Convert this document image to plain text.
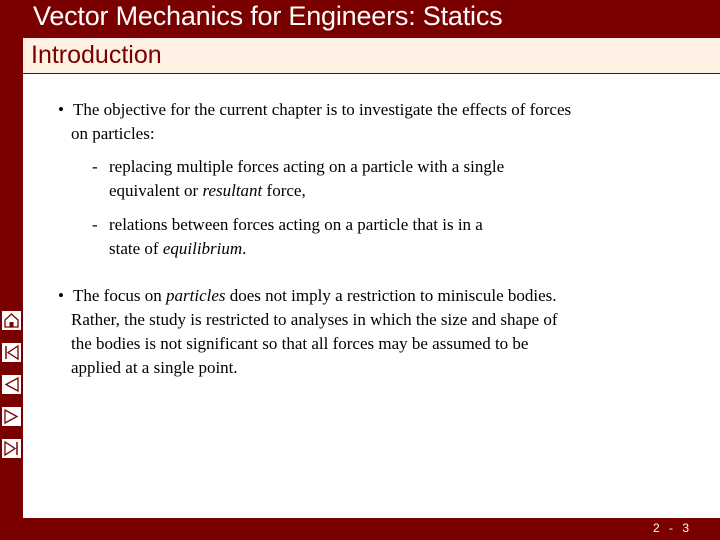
Vector Mechanics for Engineers: Statics
Introduction
• The objective for the current chapter is to investigate the effects of forces
on particles:
- replacing multiple forces acting on a particle with a single
equivalent or resultant force,
- relations between forces acting on a particle that is in a
state of equilibrium.
• The focus on particles does not imply a restriction to miniscule bodies.
Rather, the study is restricted to analyses in which the size and shape of
the bodies is not significant so that all forces may be assumed to be
applied at a single point.
2 - 3
